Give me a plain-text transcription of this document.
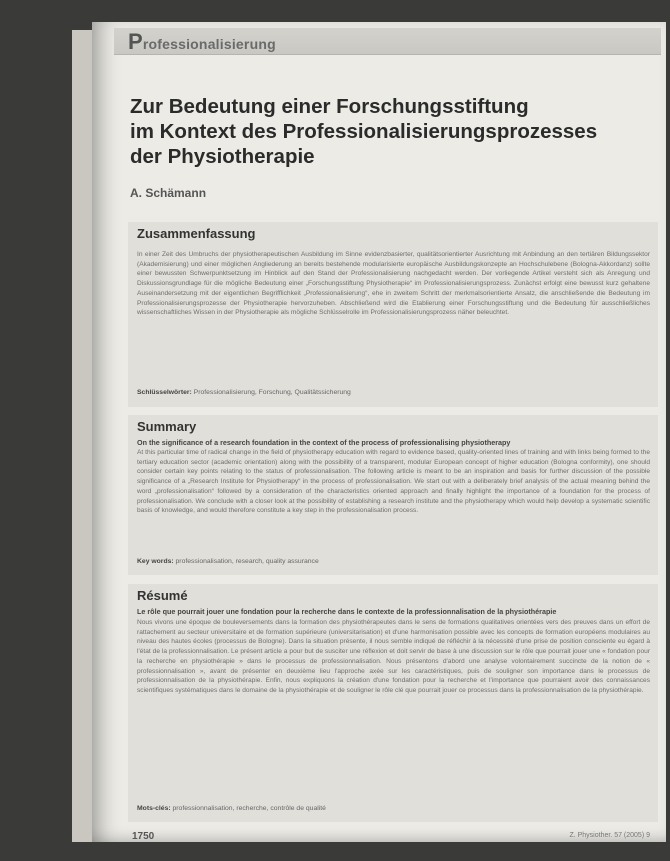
Professionalisierung
Zur Bedeutung einer Forschungsstiftung
im Kontext des Professionalisierungsprozesses
der Physiotherapie
A. Schämann
Zusammenfassung
In einer Zeit des Umbruchs der physiotherapeutischen Ausbildung im Sinne evidenzbasierter, qualitätsorientierter Ausrichtung mit Anbindung an den tertiären Bildungssektor (Akademisierung) und einer möglichen Angliederung an bereits bestehende modularisierte europäische Ausbildungskonzepte an Hochschulebene (Bologna-Akkordanz) sollte einer bewussten Schwerpunktsetzung im Hinblick auf den Stand der Professionalisierung nachgedacht werden. Der vorliegende Artikel versteht sich als Anregung und Diskussionsgrundlage für die mögliche Bedeutung einer „Forschungsstiftung Physiotherapie“ im Professionalisierungsprozess. Zunächst erfolgt eine bewusst kurz gehaltene Auseinandersetzung mit der eigentlichen Begrifflichkeit „Professionalisierung“, ehe in zweitem Schritt der merkmalsorientierte Ansatz, die anschließende die Bedeutung im Professionalisierungsprozesse der Physiotherapie hervorzuheben. Abschließend wird die Etablierung einer Forschungsstiftung und die Bedeutung für ausschließliches wissenschaftliches Wissen in der Physiotherapie als mögliche Schlüsselrolle im Professionalisierungsprozess näher beleuchtet.
Schlüsselwörter: Professionalisierung, Forschung, Qualitätssicherung
Summary
On the significance of a research foundation in the context of the process of professionalising physiotherapy
At this particular time of radical change in the field of physiotherapy education with regard to evidence based, quality-oriented lines of training and with links being formed to the tertiary education sector (academic orientation) along with the possibility of a transparent, modular European concept of higher education (Bologna conformity), one should consider certain key points relating to the status of professionalisation. The following article is meant to be an inspiration and basis for further discussion of the possible significance of a „Research Institute for Physiotherapy“ in the process of professionalisation. We start out with a deliberately brief analysis of the actual meaning behind the word „professionalisation“ followed by a consideration of the characteristics oriented approach and finally highlight the importance of a foundation for the process of professionalisation. We conclude with a closer look at the possibility of establishing a research institute and the physiotherapy which would help develop a systematic scientific basis of knowledge, and would therefore constitute a key step in the professionalisation process.
Key words: professionalisation, research, quality assurance
Résumé
Le rôle que pourrait jouer une fondation pour la recherche dans le contexte de la professionnalisation de la physiothérapie
Nous vivons une époque de bouleversements dans la formation des physiothérapeutes dans le sens de formations qualitatives orientées vers des preuves dans un effort de rattachement au secteur universitaire et de formation supérieure (universitarisation) et d'une harmonisation possible avec les concepts de formation européens modulaires au niveau des hautes écoles (processus de Bologne). Dans la situation présente, il nous semble indiqué de réfléchir à la nécessité d'une prise de position consciente eu égard à l'état de la professionnalisation. Le présent article a pour but de susciter une réflexion et doit servir de base à une discussion sur le rôle que pourrait jouer une « fondation pour la recherche en physiothérapie » dans le processus de professionnalisation. Nous présentons d'abord une analyse volontairement succincte de la notion de « professionnalisation », avant de présenter en deuxième lieu l'approche axée sur les caractéristiques, puis de souligner son importance dans le processus de professionnalisation de la physiothérapie. Enfin, nous expliquons la création d'une fondation pour la recherche et l'importance que pourraient avoir des connaissances scientifiques systématiques dans le domaine de la physiothérapie et de souligner le rôle clé que pourrait jouer ce processus dans la professionnalisation de la physiothérapie.
Mots-clés: professionnalisation, recherche, contrôle de qualité
1750	Z. Physiother. 57 (2005) 9
